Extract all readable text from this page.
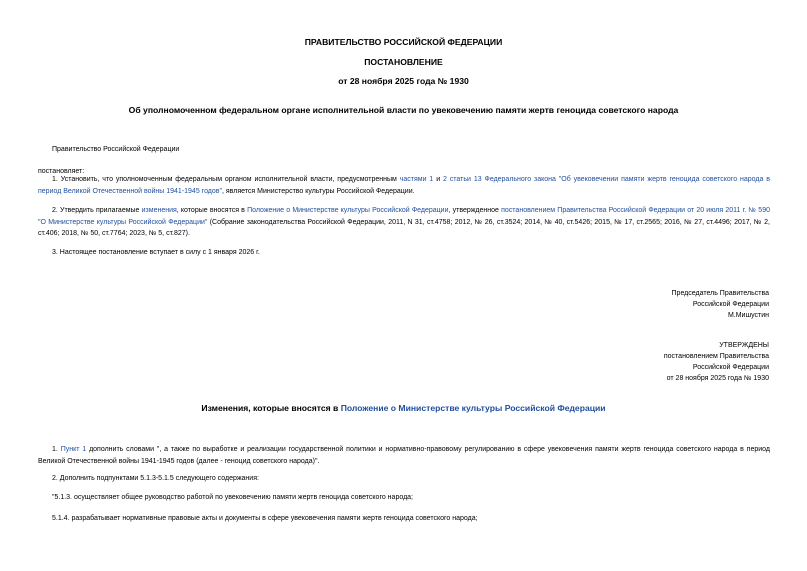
ПРАВИТЕЛЬСТВО РОССИЙСКОЙ ФЕДЕРАЦИИ
ПОСТАНОВЛЕНИЕ
от 28 ноября 2025 года № 1930
Об уполномоченном федеральном органе исполнительной власти по увековечению памяти жертв геноцида советского народа
Правительство Российской Федерации
постановляет:
1. Установить, что уполномоченным федеральным органом исполнительной власти, предусмотренным частями 1 и 2 статьи 13 Федерального закона "Об увековечении памяти жертв геноцида советского народа в период Великой Отечественной войны 1941-1945 годов", является Министерство культуры Российской Федерации.
2. Утвердить прилагаемые изменения, которые вносятся в Положение о Министерстве культуры Российской Федерации, утвержденное постановлением Правительства Российской Федерации от 20 июля 2011 г. № 590 "О Министерстве культуры Российской Федерации" (Собрание законодательства Российской Федерации, 2011, N 31, ст.4758; 2012, № 26, ст.3524; 2014, № 40, ст.5426; 2015, № 17, ст.2565; 2016, № 27, ст.4496; 2017, № 2, ст.406; 2018, № 50, ст.7764; 2023, № 5, ст.827).
3. Настоящее постановление вступает в силу с 1 января 2026 г.
Председатель Правительства
Российской Федерации
М.Мишустин
УТВЕРЖДЕНЫ
постановлением Правительства
Российской Федерации
от 28 ноября 2025 года № 1930
Изменения, которые вносятся в Положение о Министерстве культуры Российской Федерации
1. Пункт 1 дополнить словами ", а также по выработке и реализации государственной политики и нормативно-правовому регулированию в сфере увековечения памяти жертв геноцида советского народа в период Великой Отечественной войны 1941-1945 годов (далее - геноцид советского народа)".
2. Дополнить подпунктами 5.1.3-5.1.5 следующего содержания:
"5.1.3. осуществляет общее руководство работой по увековечению памяти жертв геноцида советского народа;
5.1.4. разрабатывает нормативные правовые акты и документы в сфере увековечения памяти жертв геноцида советского народа;
